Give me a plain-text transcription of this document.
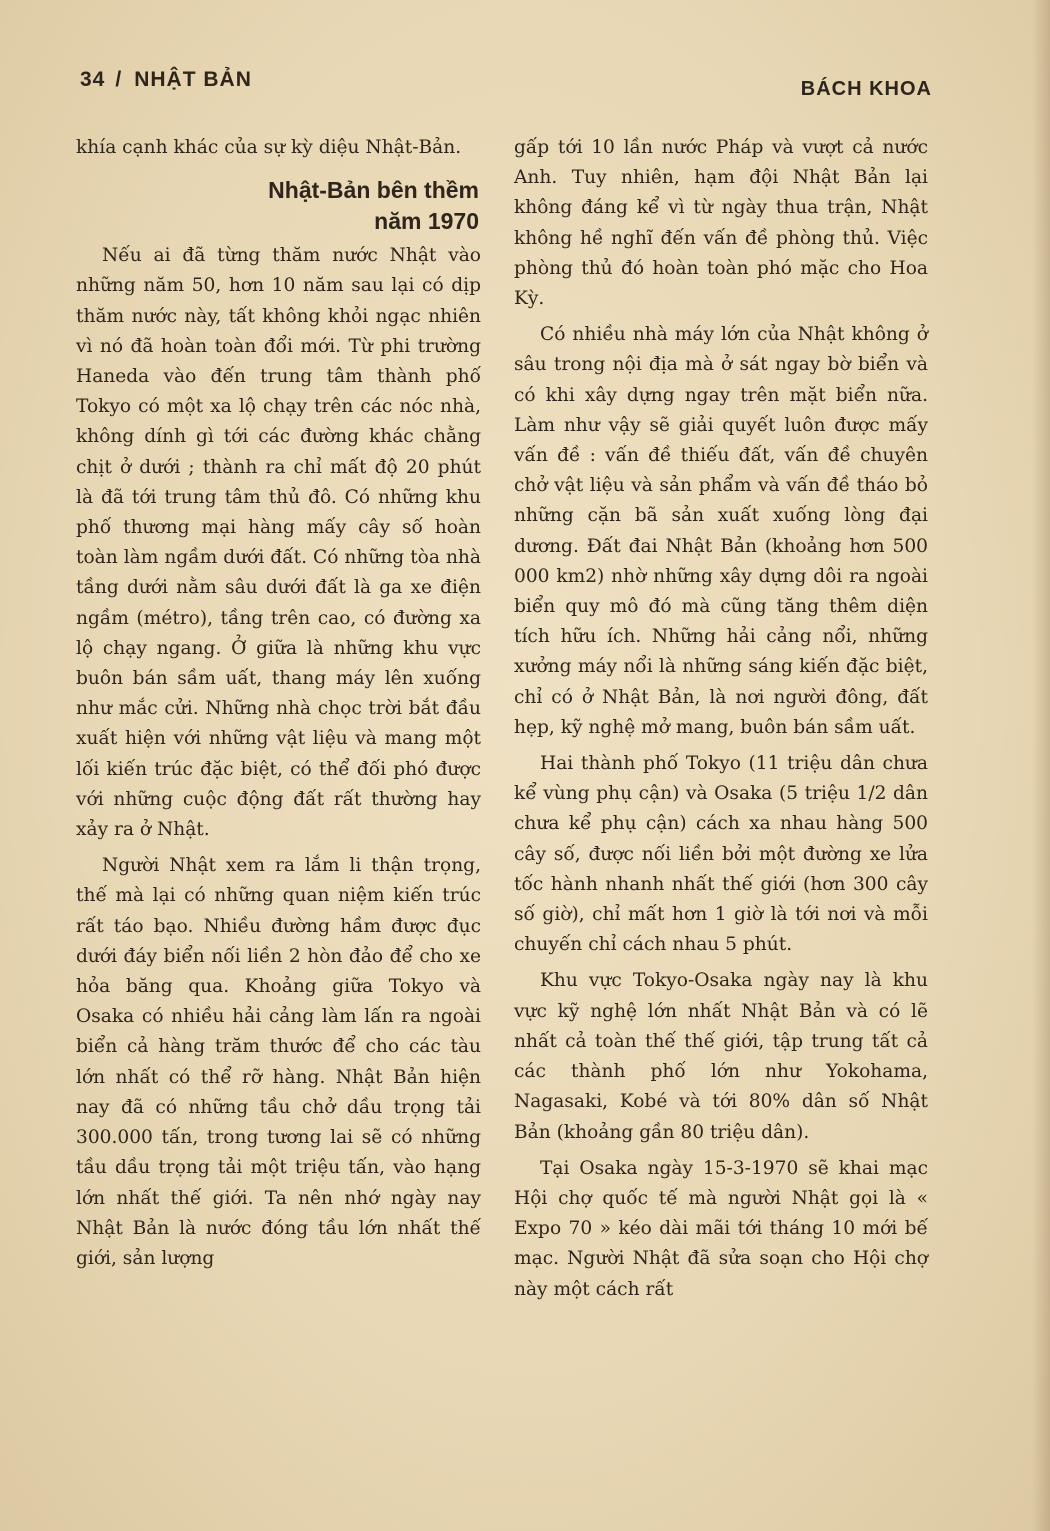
34 / NHẬT BẢN	BÁCH KHOA

khía cạnh khác của sự kỳ diệu Nhật-Bản.

Nhật-Bản bên thềm
năm 1970

Nếu ai đã từng thăm nước Nhật vào những năm 50, hơn 10 năm sau lại có dịp thăm nước này, tất không khỏi ngạc nhiên vì nó đã hoàn toàn đổi mới. Từ phi trường Haneda vào đến trung tâm thành phố Tokyo có một xa lộ chạy trên các nóc nhà, không dính gì tới các đường khác chằng chịt ở dưới ; thành ra chỉ mất độ 20 phút là đã tới trung tâm thủ đô. Có những khu phố thương mại hàng mấy cây số hoàn toàn làm ngầm dưới đất. Có những tòa nhà tầng dưới nằm sâu dưới đất là ga xe điện ngầm (métro), tầng trên cao, có đường xa lộ chạy ngang. Ở giữa là những khu vực buôn bán sầm uất, thang máy lên xuống như mắc cửi. Những nhà chọc trời bắt đầu xuất hiện với những vật liệu và mang một lối kiến trúc đặc biệt, có thể đối phó được với những cuộc động đất rất thường hay xảy ra ở Nhật.

Người Nhật xem ra lắm li thận trọng, thế mà lại có những quan niệm kiến trúc rất táo bạo. Nhiều đường hầm được đục dưới đáy biển nối liền 2 hòn đảo để cho xe hỏa băng qua. Khoảng giữa Tokyo và Osaka có nhiều hải cảng làm lấn ra ngoài biển cả hàng trăm thước để cho các tàu lớn nhất có thể rỡ hàng. Nhật Bản hiện nay đã có những tầu chở dầu trọng tải 300.000 tấn, trong tương lai sẽ có những tầu dầu trọng tải một triệu tấn, vào hạng lớn nhất thế giới. Ta nên nhớ ngày nay Nhật Bản là nước đóng tầu lớn nhất thế giới, sản lượng

gấp tới 10 lần nước Pháp và vượt cả nước Anh. Tuy nhiên, hạm đội Nhật Bản lại không đáng kể vì từ ngày thua trận, Nhật không hề nghĩ đến vấn đề phòng thủ. Việc phòng thủ đó hoàn toàn phó mặc cho Hoa Kỳ.

Có nhiều nhà máy lớn của Nhật không ở sâu trong nội địa mà ở sát ngay bờ biển và có khi xây dựng ngay trên mặt biển nữa. Làm như vậy sẽ giải quyết luôn được mấy vấn đề : vấn đề thiếu đất, vấn đề chuyên chở vật liệu và sản phẩm và vấn đề tháo bỏ những cặn bã sản xuất xuống lòng đại dương. Đất đai Nhật Bản (khoảng hơn 500 000 km2) nhờ những xây dựng dôi ra ngoài biển quy mô đó mà cũng tăng thêm diện tích hữu ích. Những hải cảng nổi, những xưởng máy nổi là những sáng kiến đặc biệt, chỉ có ở Nhật Bản, là nơi người đông, đất hẹp, kỹ nghệ mở mang, buôn bán sầm uất.

Hai thành phố Tokyo (11 triệu dân chưa kể vùng phụ cận) và Osaka (5 triệu 1/2 dân chưa kể phụ cận) cách xa nhau hàng 500 cây số, được nối liền bởi một đường xe lửa tốc hành nhanh nhất thế giới (hơn 300 cây số giờ), chỉ mất hơn 1 giờ là tới nơi và mỗi chuyến chỉ cách nhau 5 phút.

Khu vực Tokyo-Osaka ngày nay là khu vực kỹ nghệ lớn nhất Nhật Bản và có lẽ nhất cả toàn thế thế giới, tập trung tất cả các thành phố lớn như Yokohama, Nagasaki, Kobé và tới 80% dân số Nhật Bản (khoảng gần 80 triệu dân).

Tại Osaka ngày 15-3-1970 sẽ khai mạc Hội chợ quốc tế mà người Nhật gọi là « Expo 70 » kéo dài mãi tới tháng 10 mới bế mạc. Người Nhật đã sửa soạn cho Hội chợ này một cách rất
